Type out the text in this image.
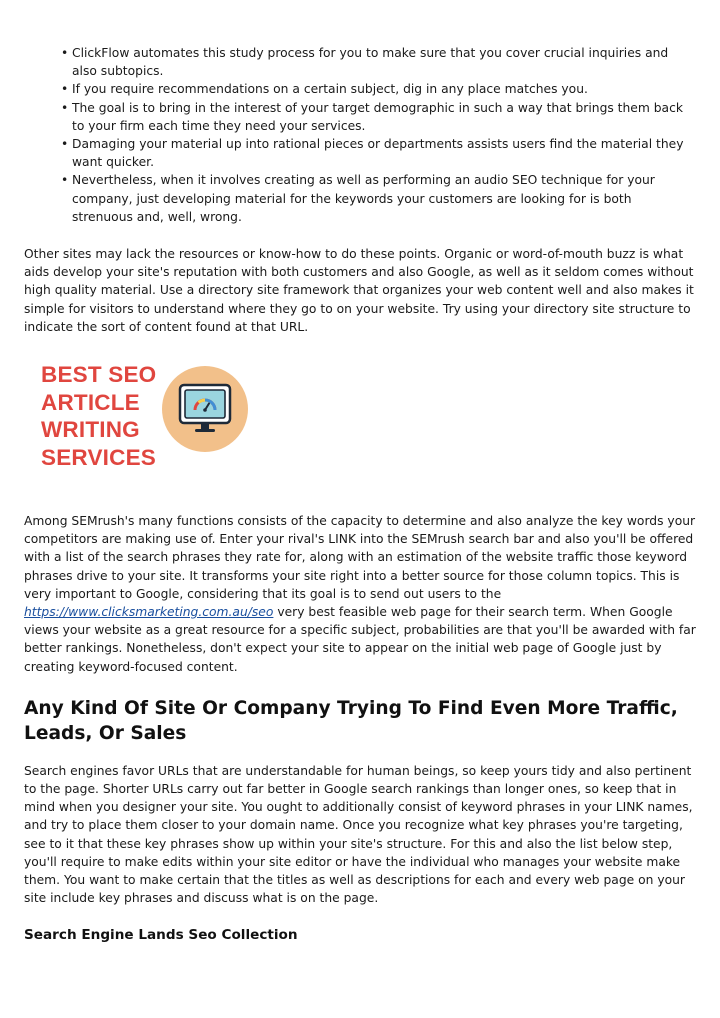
• ClickFlow automates this study process for you to make sure that you cover crucial inquiries and also subtopics.
• If you require recommendations on a certain subject, dig in any place matches you.
• The goal is to bring in the interest of your target demographic in such a way that brings them back to your firm each time they need your services.
• Damaging your material up into rational pieces or departments assists users find the material they want quicker.
• Nevertheless, when it involves creating as well as performing an audio SEO technique for your company, just developing material for the keywords your customers are looking for is both strenuous and, well, wrong.

Other sites may lack the resources or know-how to do these points. Organic or word-of-mouth buzz is what aids develop your site's reputation with both customers and also Google, as well as it seldom comes without high quality material. Use a directory site framework that organizes your web content well and also makes it simple for visitors to understand where they go to on your website. Try using your directory site structure to indicate the sort of content found at that URL.

BEST SEO
ARTICLE
WRITING
SERVICES

Among SEMrush's many functions consists of the capacity to determine and also analyze the key words your competitors are making use of. Enter your rival's LINK into the SEMrush search bar and also you'll be offered with a list of the search phrases they rate for, along with an estimation of the website traffic those keyword phrases drive to your site. It transforms your site right into a better source for those column topics. This is very important to Google, considering that its goal is to send out users to the https://www.clicksmarketing.com.au/seo very best feasible web page for their search term. When Google views your website as a great resource for a specific subject, probabilities are that you'll be awarded with far better rankings. Nonetheless, don't expect your site to appear on the initial web page of Google just by creating keyword-focused content.

Any Kind Of Site Or Company Trying To Find Even More Traffic, Leads, Or Sales

Search engines favor URLs that are understandable for human beings, so keep yours tidy and also pertinent to the page. Shorter URLs carry out far better in Google search rankings than longer ones, so keep that in mind when you designer your site. You ought to additionally consist of keyword phrases in your LINK names, and try to place them closer to your domain name. Once you recognize what key phrases you're targeting, see to it that these key phrases show up within your site's structure. For this and also the list below step, you'll require to make edits within your site editor or have the individual who manages your website make them. You want to make certain that the titles as well as descriptions for each and every web page on your site include key phrases and discuss what is on the page.

Search Engine Lands Seo Collection
